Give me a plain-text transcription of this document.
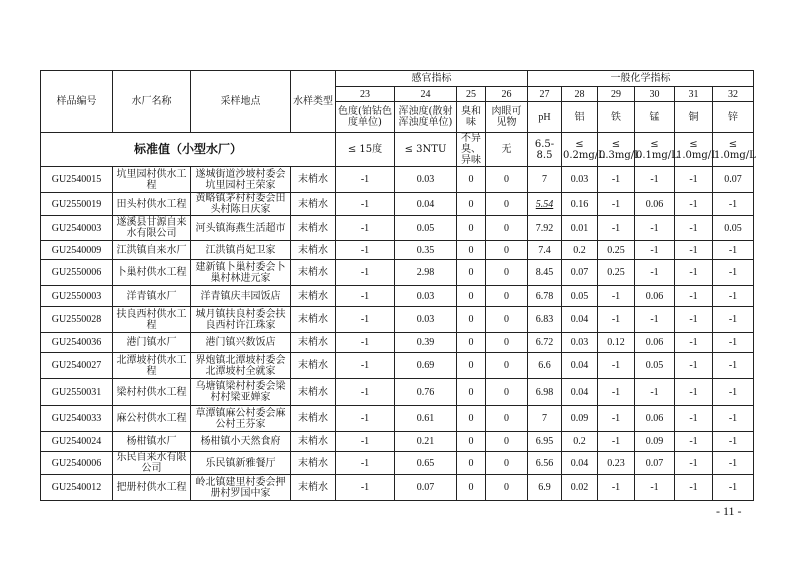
样品编号	水厂名称	采样地点	水样类型	感官指标				一般化学指标					
				23	24	25	26	27	28	29	30	31	32
				色度(铂钴色度单位)	浑浊度(散射浑浊度单位)	臭和味	肉眼可见物	pH	铝	铁	锰	铜	锌
标准值（小型水厂）				≤ 15度	≤ 3NTU	不异臭、异味	无	6.5-8.5	≤ 0.2mg/L	≤ 0.3mg/L	≤ 0.1mg/L	≤ 1.0mg/L	≤ 1.0mg/L
GU2540015	坑里园村供水工程	遂城街道沙坡村委会坑里园村王荣家	末梢水	-1	0.03	0	0	7	0.03	-1	-1	-1	0.07
GU2550019	田头村供水工程	黄略镇茅村村委会田头村陈日庆家	末梢水	-1	0.04	0	0	5.54	0.16	-1	0.06	-1	-1
GU2540003	遂溪县甘源自来水有限公司	河头镇海燕生活超市	末梢水	-1	0.05	0	0	7.92	0.01	-1	-1	-1	0.05
GU2540009	江洪镇自来水厂	江洪镇肖妃卫家	末梢水	-1	0.35	0	0	7.4	0.2	0.25	-1	-1	-1
GU2550006	卜巢村供水工程	建新镇卜巢村委会卜巢村林进元家	末梢水	-1	2.98	0	0	8.45	0.07	0.25	-1	-1	-1
GU2550003	洋青镇水厂	洋青镇庆丰园饭店	末梢水	-1	0.03	0	0	6.78	0.05	-1	0.06	-1	-1
GU2550028	扶良西村供水工程	城月镇扶良村委会扶良西村许江珠家	末梢水	-1	0.03	0	0	6.83	0.04	-1	-1	-1	-1
GU2540036	港门镇水厂	港门镇兴数饭店	末梢水	-1	0.39	0	0	6.72	0.03	0.12	0.06	-1	-1
GU2540027	北潭坡村供水工程	界炮镇北潭坡村委会北潭坡村全就家	末梢水	-1	0.69	0	0	6.6	0.04	-1	0.05	-1	-1
GU2550031	梁村村供水工程	乌塘镇梁村村委会梁村村梁亚婵家	末梢水	-1	0.76	0	0	6.98	0.04	-1	-1	-1	-1
GU2540033	麻公村供水工程	草潭镇麻公村委会麻公村王芬家	末梢水	-1	0.61	0	0	7	0.09	-1	0.06	-1	-1
GU2540024	杨柑镇水厂	杨柑镇小天然食府	末梢水	-1	0.21	0	0	6.95	0.2	-1	0.09	-1	-1
GU2540006	乐民自来水有限公司	乐民镇新雅餐厅	末梢水	-1	0.65	0	0	6.56	0.04	0.23	0.07	-1	-1
GU2540012	把册村供水工程	岭北镇建里村委会押册村罗国中家	末梢水	-1	0.07	0	0	6.9	0.02	-1	-1	-1	-1
- 11 -
